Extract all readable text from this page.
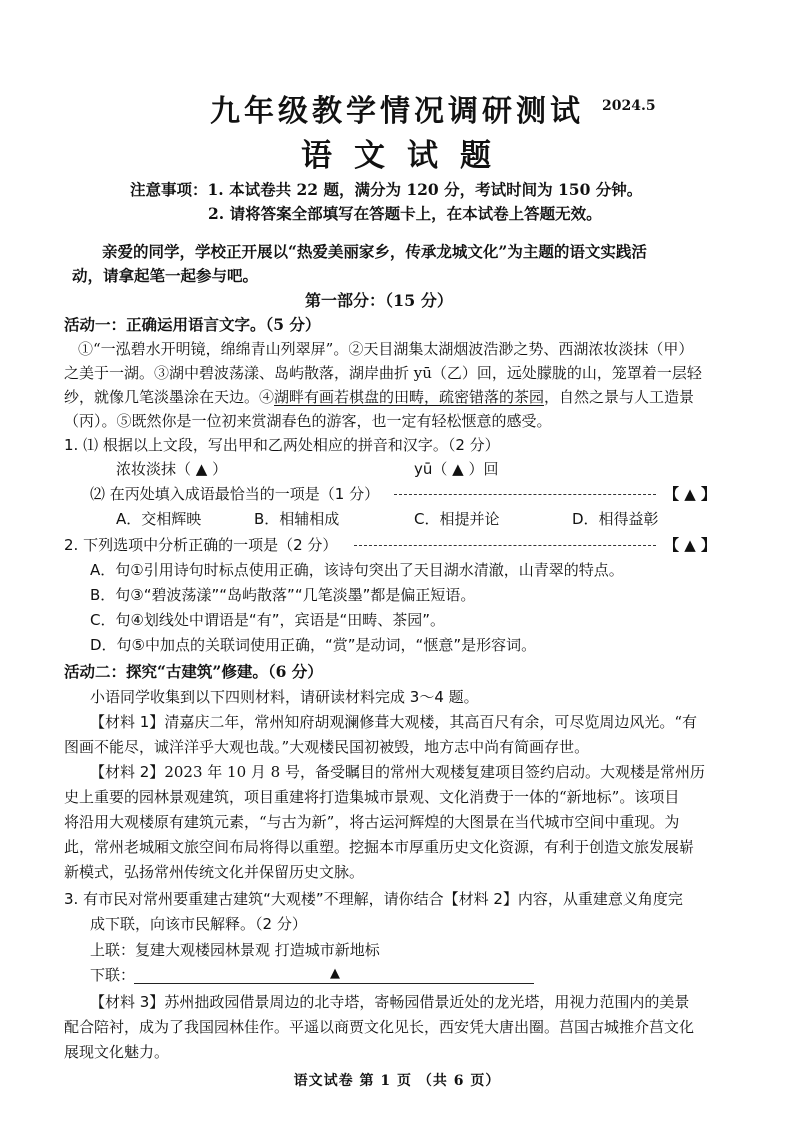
九年级教学情况调研测试	2024.5
语文试题
注意事项：1. 本试卷共 22 题，满分为 120 分，考试时间为 150 分钟。
2. 请将答案全部填写在答题卡上，在本试卷上答题无效。
亲爱的同学，学校正开展以“热爱美丽家乡，传承龙城文化”为主题的语文实践活
动，请拿起笔一起参与吧。
第一部分：（15 分）
活动一：正确运用语言文字。（5 分）
①“一泓碧水开明镜，绵绵青山列翠屏”。②天目湖集太湖烟波浩渺之势、西湖浓妆淡抹（甲）
之美于一湖。③湖中碧波荡漾、岛屿散落，湖岸曲折 yū（乙）回，远处朦胧的山，笼罩着一层轻
纱，就像几笔淡墨涂在天边。④湖畔有画若棋盘的田畴，疏密错落的茶园，自然之景与人工造景
（丙）。⑤既然你是一位初来赏湖春色的游客，也一定有轻松惬意的感受。
1. ⑴ 根据以上文段，写出甲和乙两处相应的拼音和汉字。（2 分）
浓妆淡抹（ ▲ ）	yū（ ▲ ）回
⑵ 在丙处填入成语最恰当的一项是（1 分）	【 ▲ 】
A．交相辉映	B．相辅相成	C．相提并论	D．相得益彰
2. 下列选项中分析正确的一项是（2 分）	【 ▲ 】
A．句①引用诗句时标点使用正确，该诗句突出了天目湖水清澈，山青翠的特点。
B．句③“碧波荡漾”“岛屿散落”“几笔淡墨”都是偏正短语。
C．句④划线处中谓语是“有”，宾语是“田畴、茶园”。
D．句⑤中加点的关联词使用正确，“赏”是动词，“惬意”是形容词。
活动二：探究“古建筑”修建。（6 分）
小语同学收集到以下四则材料，请研读材料完成 3～4 题。
【材料 1】清嘉庆二年，常州知府胡观澜修葺大观楼，其高百尺有余，可尽览周边风光。“有
图画不能尽，诚洋洋乎大观也哉。”大观楼民国初被毁，地方志中尚有简画存世。
【材料 2】2023 年 10 月 8 号，备受瞩目的常州大观楼复建项目签约启动。大观楼是常州历
史上重要的园林景观建筑，项目重建将打造集城市景观、文化消费于一体的“新地标”。该项目
将沿用大观楼原有建筑元素，“与古为新”，将古运河辉煌的大图景在当代城市空间中重现。为
此，常州老城厢文旅空间布局将得以重塑。挖掘本市厚重历史文化资源，有利于创造文旅发展崭
新模式，弘扬常州传统文化并保留历史文脉。
3. 有市民对常州要重建古建筑“大观楼”不理解，请你结合【材料 2】内容，从重建意义角度完
成下联，向该市民解释。（2 分）
上联：复建大观楼园林景观 打造城市新地标
下联：	▲
【材料 3】苏州拙政园借景周边的北寺塔，寄畅园借景近处的龙光塔，用视力范围内的美景
配合陪衬，成为了我国园林佳作。平遥以商贾文化见长，西安凭大唐出圈。莒国古城推介莒文化
展现文化魅力。
语文试卷 第 1 页 （共 6 页）
